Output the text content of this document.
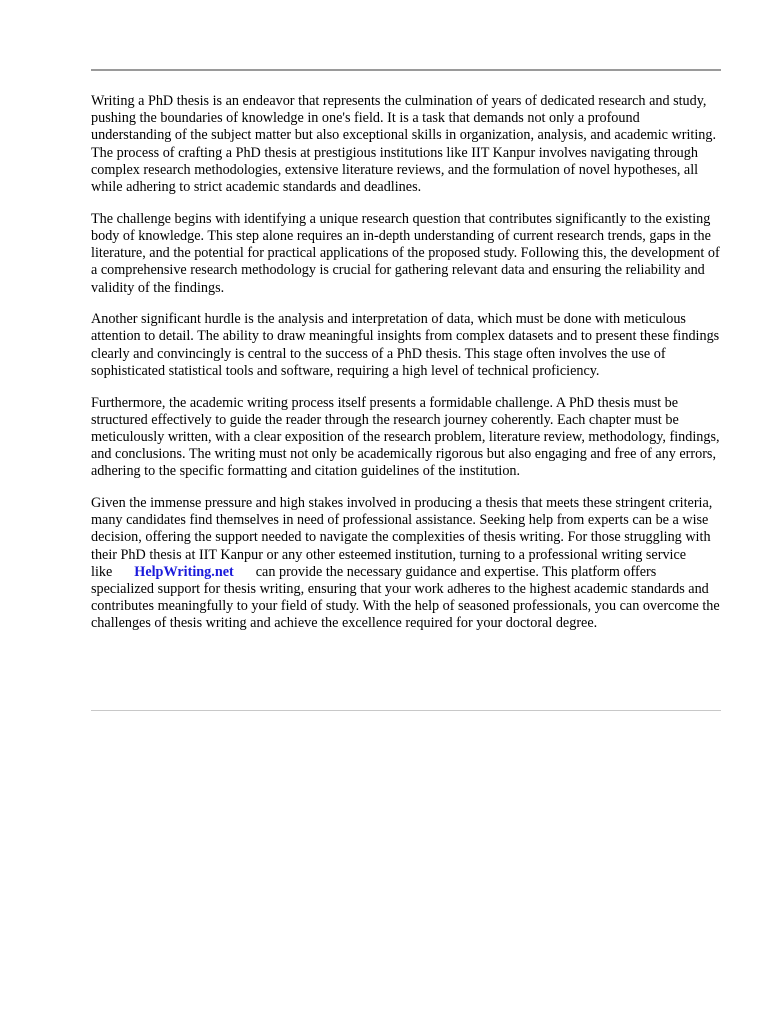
Writing a PhD thesis is an endeavor that represents the culmination of years of dedicated research and study, pushing the boundaries of knowledge in one's field. It is a task that demands not only a profound understanding of the subject matter but also exceptional skills in organization, analysis, and academic writing. The process of crafting a PhD thesis at prestigious institutions like IIT Kanpur involves navigating through complex research methodologies, extensive literature reviews, and the formulation of novel hypotheses, all while adhering to strict academic standards and deadlines.

The challenge begins with identifying a unique research question that contributes significantly to the existing body of knowledge. This step alone requires an in-depth understanding of current research trends, gaps in the literature, and the potential for practical applications of the proposed study. Following this, the development of a comprehensive research methodology is crucial for gathering relevant data and ensuring the reliability and validity of the findings.

Another significant hurdle is the analysis and interpretation of data, which must be done with meticulous attention to detail. The ability to draw meaningful insights from complex datasets and to present these findings clearly and convincingly is central to the success of a PhD thesis. This stage often involves the use of sophisticated statistical tools and software, requiring a high level of technical proficiency.

Furthermore, the academic writing process itself presents a formidable challenge. A PhD thesis must be structured effectively to guide the reader through the research journey coherently. Each chapter must be meticulously written, with a clear exposition of the research problem, literature review, methodology, findings, and conclusions. The writing must not only be academically rigorous but also engaging and free of any errors, adhering to the specific formatting and citation guidelines of the institution.

Given the immense pressure and high stakes involved in producing a thesis that meets these stringent criteria, many candidates find themselves in need of professional assistance. Seeking help from experts can be a wise decision, offering the support needed to navigate the complexities of thesis writing. For those struggling with their PhD thesis at IIT Kanpur or any other esteemed institution, turning to a professional writing service like HelpWriting.net can provide the necessary guidance and expertise. This platform offers specialized support for thesis writing, ensuring that your work adheres to the highest academic standards and contributes meaningfully to your field of study. With the help of seasoned professionals, you can overcome the challenges of thesis writing and achieve the excellence required for your doctoral degree.
